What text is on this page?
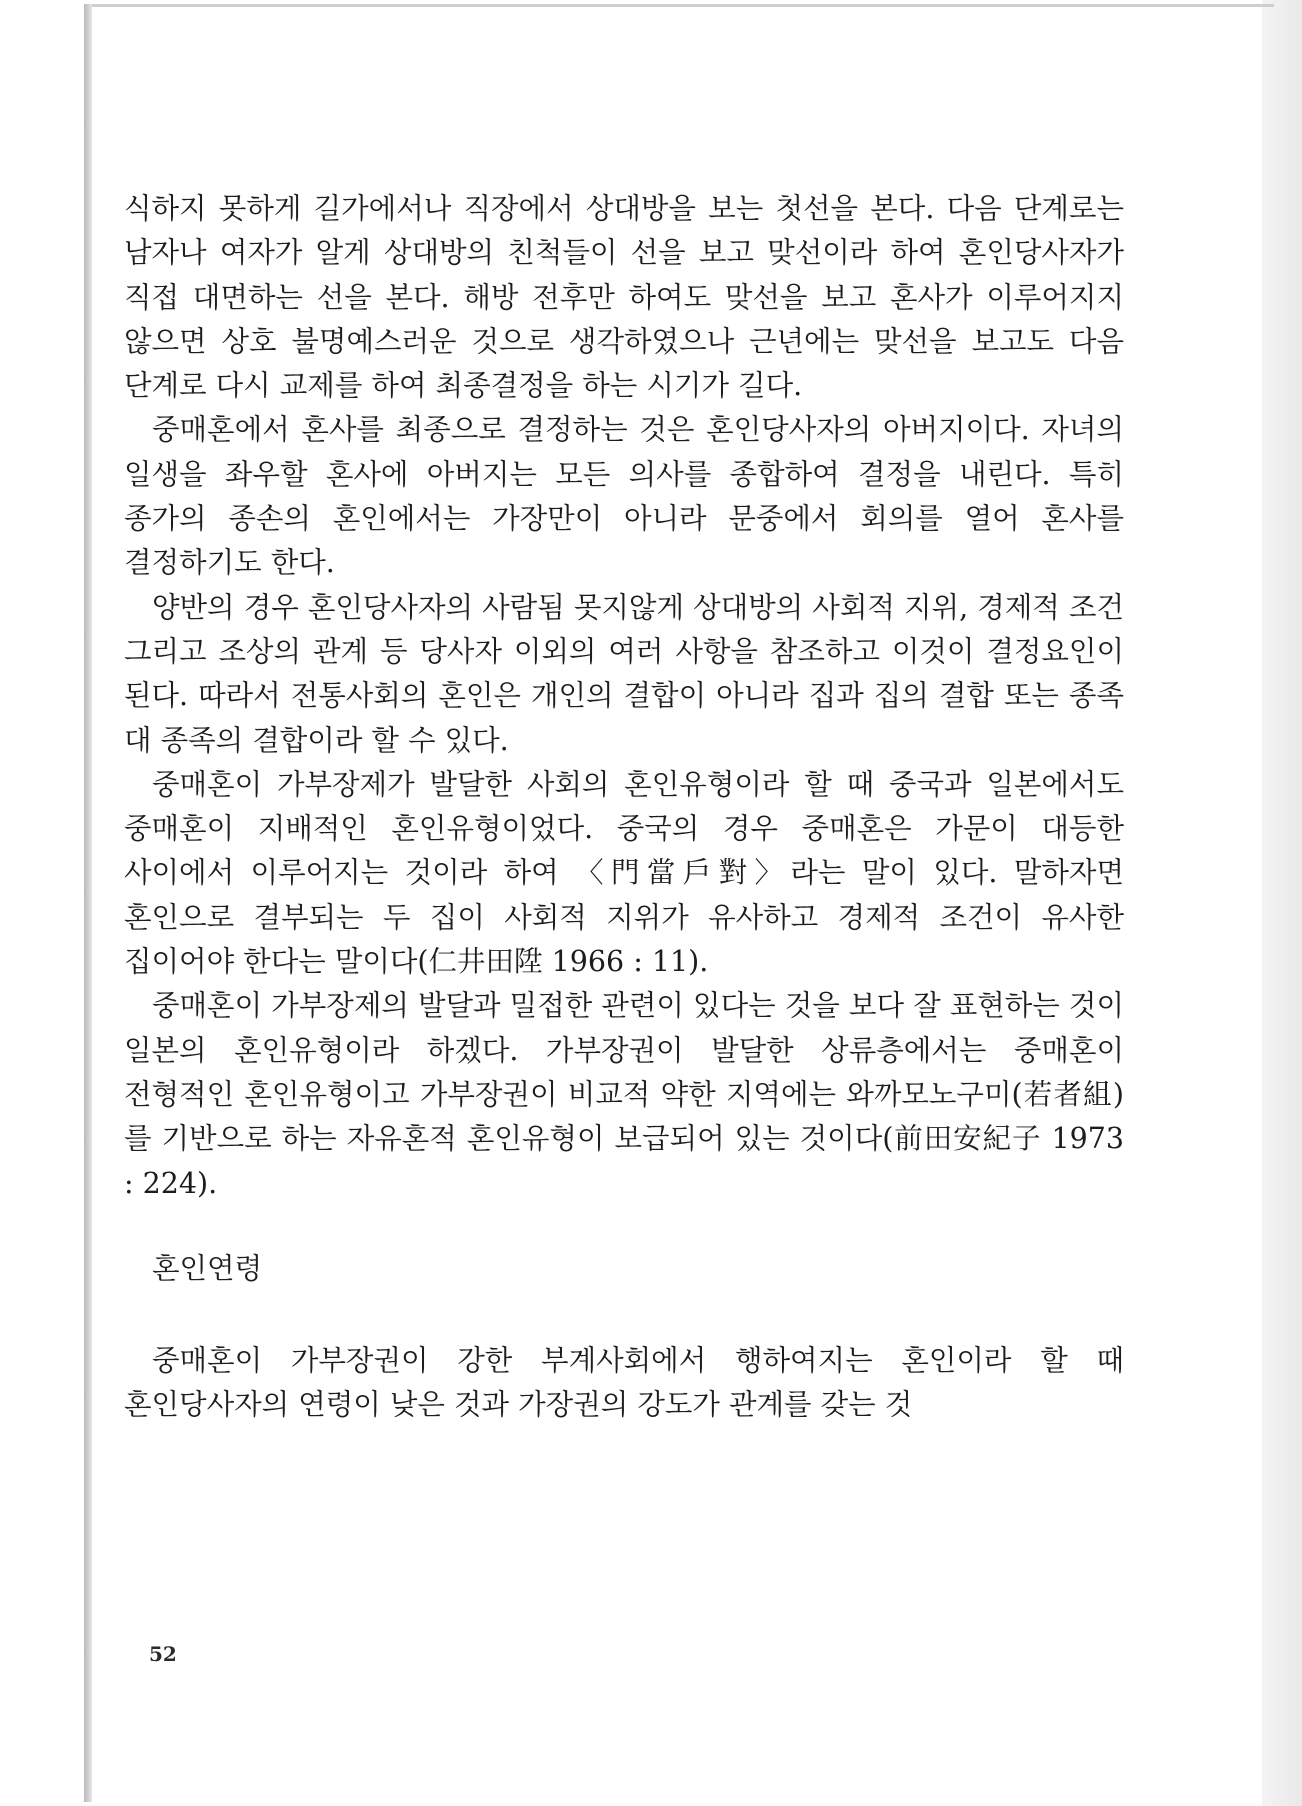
식하지 못하게 길가에서나 직장에서 상대방을 보는 첫선을 본다. 다음 단계로는 남자나 여자가 알게 상대방의 친척들이 선을 보고 맞선이라 하여 혼인당사자가 직접 대면하는 선을 본다. 해방 전후만 하여도 맞선을 보고 혼사가 이루어지지 않으면 상호 불명예스러운 것으로 생각하였으나 근년에는 맞선을 보고도 다음 단계로 다시 교제를 하여 최종결정을 하는 시기가 길다.

중매혼에서 혼사를 최종으로 결정하는 것은 혼인당사자의 아버지이다. 자녀의 일생을 좌우할 혼사에 아버지는 모든 의사를 종합하여 결정을 내린다. 특히 종가의 종손의 혼인에서는 가장만이 아니라 문중에서 회의를 열어 혼사를 결정하기도 한다.

양반의 경우 혼인당사자의 사람됨 못지않게 상대방의 사회적 지위, 경제적 조건 그리고 조상의 관계 등 당사자 이외의 여러 사항을 참조하고 이것이 결정요인이 된다. 따라서 전통사회의 혼인은 개인의 결합이 아니라 집과 집의 결합 또는 종족 대 종족의 결합이라 할 수 있다.

중매혼이 가부장제가 발달한 사회의 혼인유형이라 할 때 중국과 일본에서도 중매혼이 지배적인 혼인유형이었다. 중국의 경우 중매혼은 가문이 대등한 사이에서 이루어지는 것이라 하여 〈門當戶對〉라는 말이 있다. 말하자면 혼인으로 결부되는 두 집이 사회적 지위가 유사하고 경제적 조건이 유사한 집이어야 한다는 말이다(仁井田陞 1966 : 11).

중매혼이 가부장제의 발달과 밀접한 관련이 있다는 것을 보다 잘 표현하는 것이 일본의 혼인유형이라 하겠다. 가부장권이 발달한 상류층에서는 중매혼이 전형적인 혼인유형이고 가부장권이 비교적 약한 지역에는 와까모노구미(若者組)를 기반으로 하는 자유혼적 혼인유형이 보급되어 있는 것이다(前田安紀子 1973 : 224).

혼인연령

중매혼이 가부장권이 강한 부계사회에서 행하여지는 혼인이라 할 때 혼인당사자의 연령이 낮은 것과 가장권의 강도가 관계를 갖는 것

52
